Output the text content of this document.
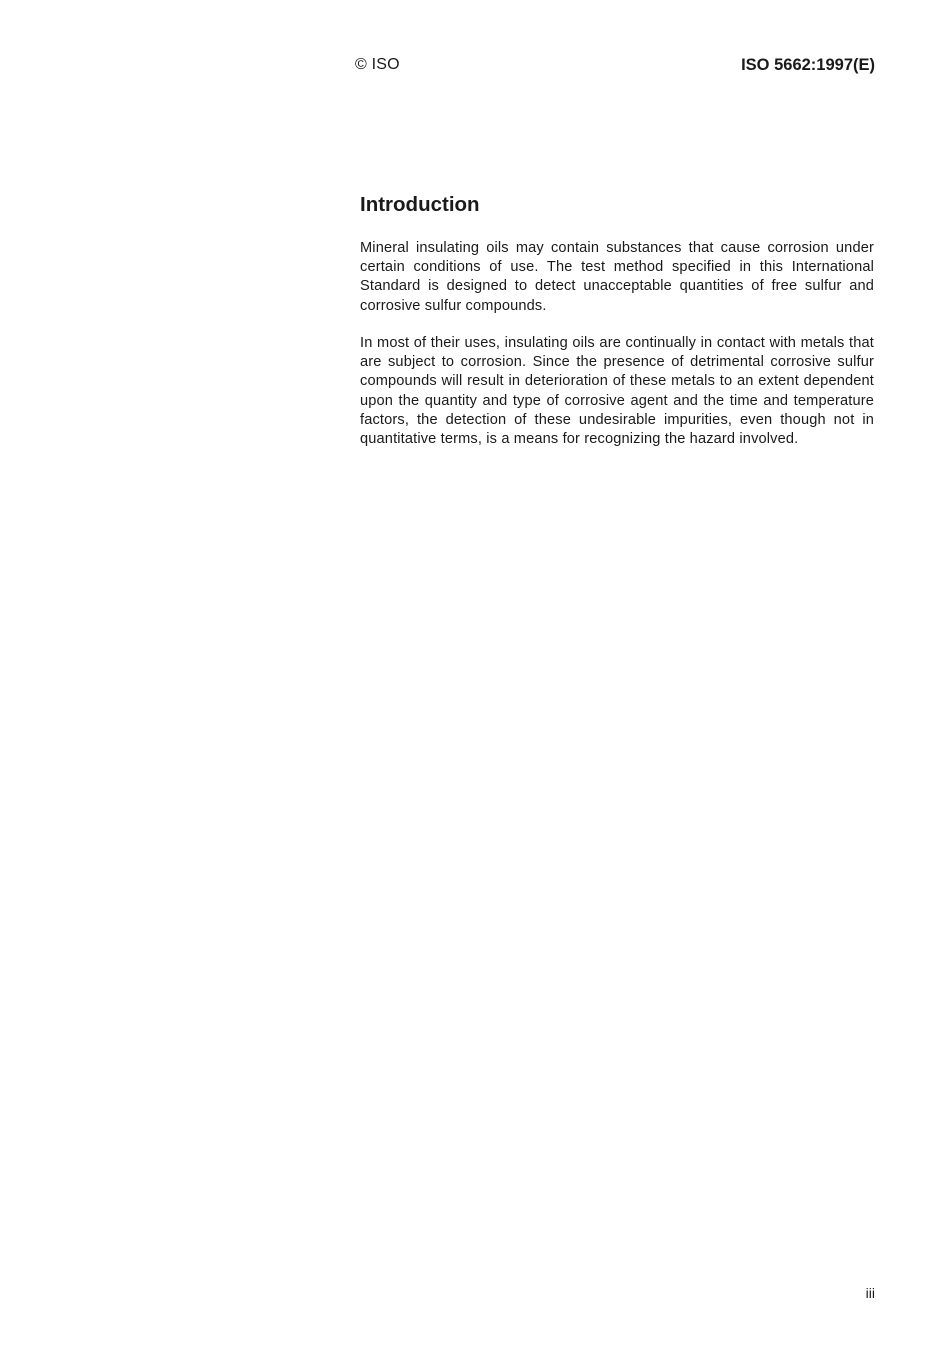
© ISO	ISO 5662:1997(E)
Introduction

Mineral insulating oils may contain substances that cause corrosion under certain conditions of use. The test method specified in this International Standard is designed to detect unacceptable quantities of free sulfur and corrosive sulfur compounds.

In most of their uses, insulating oils are continually in contact with metals that are subject to corrosion. Since the presence of detrimental corrosive sulfur compounds will result in deterioration of these metals to an extent dependent upon the quantity and type of corrosive agent and the time and temperature factors, the detection of these undesirable impurities, even though not in quantitative terms, is a means for recognizing the hazard involved.

iii
